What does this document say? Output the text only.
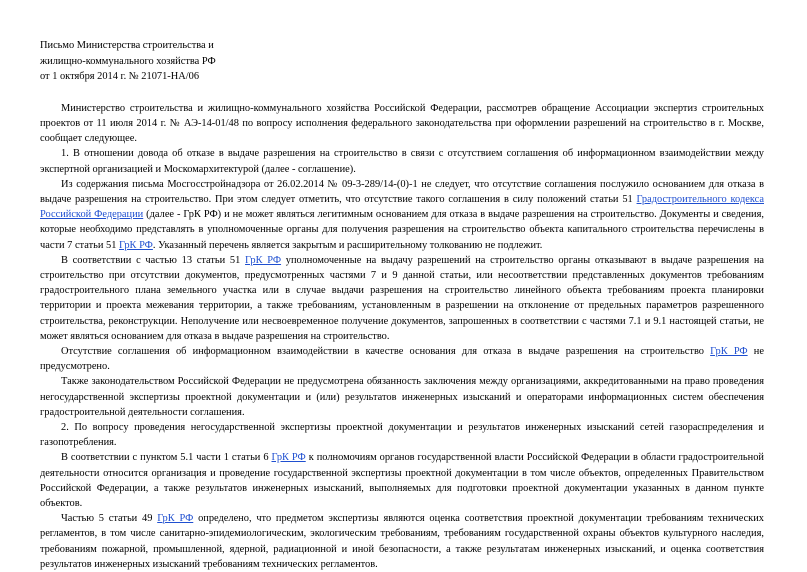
Письмо Министерства строительства и
жилищно-коммунального хозяйства РФ
от 1 октября 2014 г. № 21071-НА/06

Министерство строительства и жилищно-коммунального хозяйства Российской Федерации, рассмотрев обращение Ассоциации экспертиз строительных проектов от 11 июля 2014 г. № АЭ-14-01/48 по вопросу исполнения федерального законодательства при оформлении разрешений на строительство в г. Москве, сообщает следующее.

1. В отношении довода об отказе в выдаче разрешения на строительство в связи с отсутствием соглашения об информационном взаимодействии между экспертной организацией и Москомархитектурой (далее - соглашение).

Из содержания письма Мосгосстройнадзора от 26.02.2014 № 09-3-289/14-(0)-1 не следует, что отсутствие соглашения послужило основанием для отказа в выдаче разрешения на строительство. При этом следует отметить, что отсутствие такого соглашения в силу положений статьи 51 Градостроительного кодекса Российской Федерации (далее - ГрК РФ) и не может являться легитимным основанием для отказа в выдаче разрешения на строительство. Документы и сведения, которые необходимо представлять в уполномоченные органы для получения разрешения на строительство объекта капитального строительства перечислены в части 7 статьи 51 ГрК РФ. Указанный перечень является закрытым и расширительному толкованию не подлежит.

В соответствии с частью 13 статьи 51 ГрК РФ уполномоченные на выдачу разрешений на строительство органы отказывают в выдаче разрешения на строительство при отсутствии документов, предусмотренных частями 7 и 9 данной статьи, или несоответствии представленных документов требованиям градостроительного плана земельного участка или в случае выдачи разрешения на строительство линейного объекта требованиям проекта планировки территории и проекта межевания территории, а также требованиям, установленным в разрешении на отклонение от предельных параметров разрешенного строительства, реконструкции. Неполучение или несвоевременное получение документов, запрошенных в соответствии с частями 7.1 и 9.1 настоящей статьи, не может являться основанием для отказа в выдаче разрешения на строительство.

Отсутствие соглашения об информационном взаимодействии в качестве основания для отказа в выдаче разрешения на строительство ГрК РФ не предусмотрено.

Также законодательством Российской Федерации не предусмотрена обязанность заключения между организациями, аккредитованными на право проведения негосударственной экспертизы проектной документации и (или) результатов инженерных изысканий и операторами информационных систем обеспечения градостроительной деятельности соглашения.

2. По вопросу проведения негосударственной экспертизы проектной документации и результатов инженерных изысканий сетей газораспределения и газопотребления.

В соответствии с пунктом 5.1 части 1 статьи 6 ГрК РФ к полномочиям органов государственной власти Российской Федерации в области градостроительной деятельности относится организация и проведение государственной экспертизы проектной документации в том числе объектов, определенных Правительством Российской Федерации, а также результатов инженерных изысканий, выполняемых для подготовки проектной документации указанных в данном пункте объектов.

Частью 5 статьи 49 ГрК РФ определено, что предметом экспертизы являются оценка соответствия проектной документации требованиям технических регламентов, в том числе санитарно-эпидемиологическим, экологическим требованиям, требованиям государственной охраны объектов культурного наследия, требованиям пожарной, промышленной, ядерной, радиационной и иной безопасности, а также результатам инженерных изысканий, и оценка соответствия результатов инженерных изысканий требованиям технических регламентов.
